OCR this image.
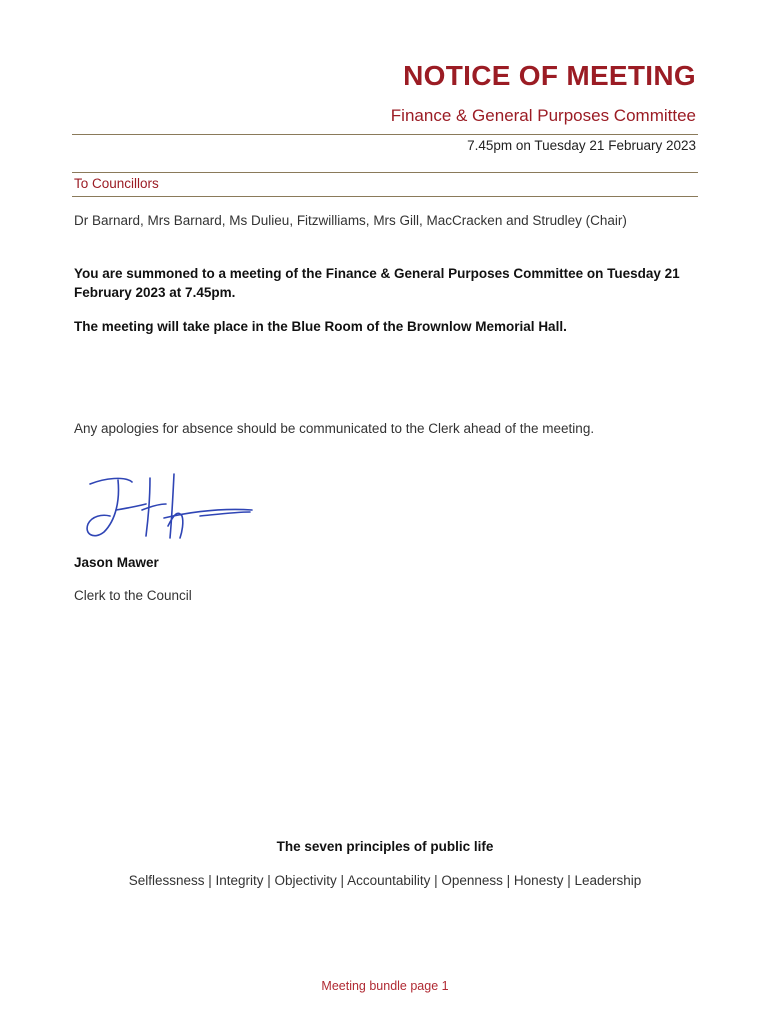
NOTICE OF MEETING
Finance & General Purposes Committee
7.45pm on Tuesday 21 February 2023
To Councillors
Dr Barnard, Mrs Barnard, Ms Dulieu, Fitzwilliams, Mrs Gill, MacCracken and Strudley (Chair)
You are summoned to a meeting of the Finance & General Purposes Committee on Tuesday 21 February 2023 at 7.45pm.
The meeting will take place in the Blue Room of the Brownlow Memorial Hall.
Any apologies for absence should be communicated to the Clerk ahead of the meeting.
Jason Mawer
Clerk to the Council
The seven principles of public life
Selflessness | Integrity | Objectivity | Accountability | Openness | Honesty | Leadership
Meeting bundle page 1
